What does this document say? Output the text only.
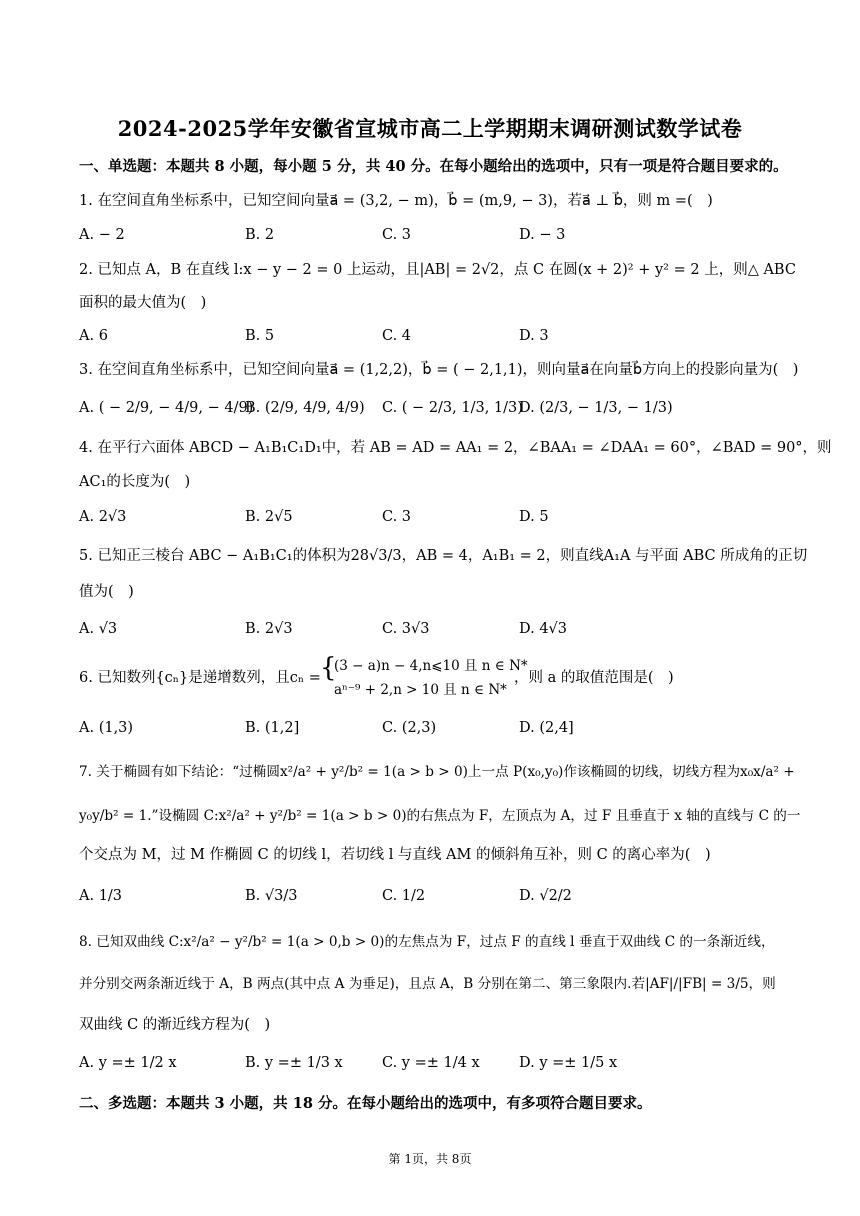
2024-2025学年安徽省宣城市高二上学期期末调研测试数学试卷
一、单选题：本题共 8 小题，每小题 5 分，共 40 分。在每小题给出的选项中，只有一项是符合题目要求的。
1. 在空间直角坐标系中，已知空间向量a⃗ = (3,2, − m)，b⃗ = (m,9, − 3)，若a⃗ ⊥ b⃗，则 m =(　)
A. − 2	B. 2	C. 3	D. − 3
2. 已知点 A，B 在直线 l:x − y − 2 = 0 上运动，且|AB| = 2√2，点 C 在圆(x + 2)² + y² = 2 上，则△ ABC
面积的最大值为(　)
A. 6	B. 5	C. 4	D. 3
3. 在空间直角坐标系中，已知空间向量a⃗ = (1,2,2)，b⃗ = ( − 2,1,1)，则向量a⃗在向量b⃗方向上的投影向量为(　)
A. ( − 2/9, − 4/9, − 4/9)
B. (2/9, 4/9, 4/9) C. ( − 2/3, 1/3, 1/3)
D. (2/3, − 1/3, − 1/3)
4. 在平行六面体 ABCD − A₁B₁C₁D₁中，若 AB = AD = AA₁ = 2，∠BAA₁ = ∠DAA₁ = 60°，∠BAD = 90°，则
AC₁的长度为(　)
A. 2√3	B. 2√5	C. 3	D. 5
5. 已知正三棱台 ABC − A₁B₁C₁的体积为28√3/3，AB = 4，A₁B₁ = 2，则直线A₁A 与平面 ABC 所成角的正切
值为(　)
A. √3	B. 2√3	C. 3√3	D. 4√3
6. 已知数列{cₙ}是递增数列，且cₙ = {
(3 − a)n − 4,n⩽10 且 n ∈ N*
aⁿ⁻⁹ + 2,n > 10 且 n ∈ N*
，则 a 的取值范围是(　)
A. (1,3)	B. (1,2]	C. (2,3)	D. (2,4]
7. 关于椭圆有如下结论：“过椭圆x²/a² + y²/b² = 1(a > b > 0)上一点 P(x₀,y₀)作该椭圆的切线，切线方程为x₀x/a² +
y₀y/b² = 1.”设椭圆 C:x²/a² + y²/b² = 1(a > b > 0)的右焦点为 F，左顶点为 A，过 F 且垂直于 x 轴的直线与 C 的一
个交点为 M，过 M 作椭圆 C 的切线 l，若切线 l 与直线 AM 的倾斜角互补，则 C 的离心率为(　)
A. 1/3	B. √3/3	C. 1/2	D. √2/2
8. 已知双曲线 C:x²/a² − y²/b² = 1(a > 0,b > 0)的左焦点为 F，过点 F 的直线 l 垂直于双曲线 C 的一条渐近线，
并分别交两条渐近线于 A，B 两点(其中点 A 为垂足)，且点 A，B 分别在第二、第三象限内.若|AF|/|FB| = 3/5，则
双曲线 C 的渐近线方程为(　)
A. y =± 1/2 x	B. y =± 1/3 x	C. y =± 1/4 x	D. y =± 1/5 x
二、多选题：本题共 3 小题，共 18 分。在每小题给出的选项中，有多项符合题目要求。
第 1页，共 8页
